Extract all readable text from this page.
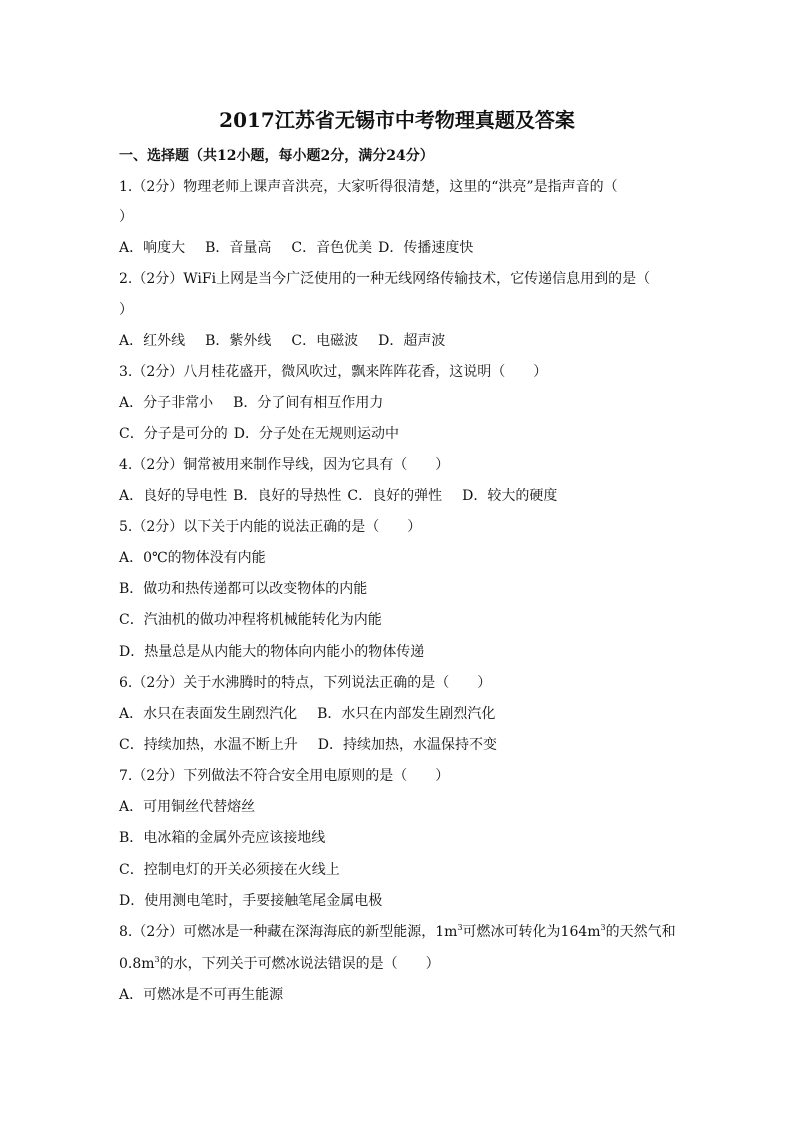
2017江苏省无锡市中考物理真题及答案
一、选择题（共12小题，每小题2分，满分24分）
1.（2分）物理老师上课声音洪亮，大家听得很清楚，这里的“洪亮”是指声音的（
）
A．响度大 B．音量高 C．音色优美 D．传播速度快
2.（2分）WiFi上网是当今广泛使用的一种无线网络传输技术，它传递信息用到的是（
）
A．红外线 B．紫外线 C．电磁波 D．超声波
3.（2分）八月桂花盛开，微风吹过，飘来阵阵花香，这说明（　　）
A．分子非常小 B．分了间有相互作用力
C．分子是可分的 D．分子处在无规则运动中
4.（2分）铜常被用来制作导线，因为它具有（　　）
A．良好的导电性 B．良好的导热性 C．良好的弹性 D．较大的硬度
5.（2分）以下关于内能的说法正确的是（　　）
A．0℃的物体没有内能
B．做功和热传递都可以改变物体的内能
C．汽油机的做功冲程将机械能转化为内能
D．热量总是从内能大的物体向内能小的物体传递
6.（2分）关于水沸腾时的特点，下列说法正确的是（　　）
A．水只在表面发生剧烈汽化 B．水只在内部发生剧烈汽化
C．持续加热，水温不断上升 D．持续加热，水温保持不变
7.（2分）下列做法不符合安全用电原则的是（　　）
A．可用铜丝代替熔丝
B．电冰箱的金属外壳应该接地线
C．控制电灯的开关必须接在火线上
D．使用测电笔时，手要接触笔尾金属电极
8.（2分）可燃冰是一种藏在深海海底的新型能源，$1m^3$可燃冰可转化为$164m^3$的天然气和
$0.8m^3$的水，下列关于可燃冰说法错误的是（　　）
A．可燃冰是不可再生能源
